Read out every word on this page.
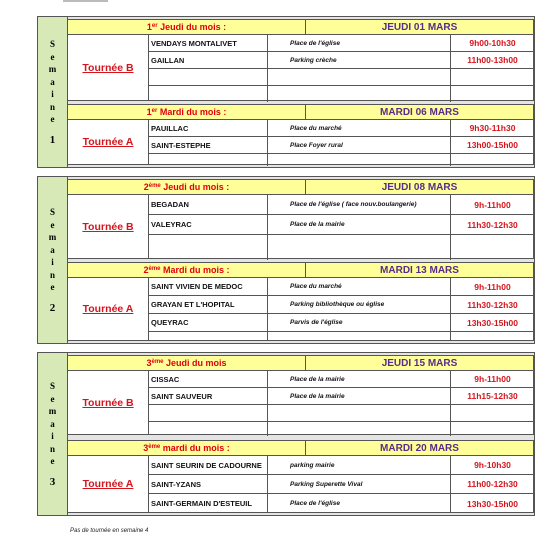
S
e
m
a
i
n
e
1
1er Jeudi du mois :	JEUDI 01 MARS
Tournée B
VENDAYS MONTALIVET	Place de l'église	9h00-10h30
GAILLAN	Parking crèche	11h00-13h00
1er Mardi du mois :	MARDI 06 MARS
Tournée A
PAUILLAC	Place du marché	9h30-11h30
SAINT-ESTEPHE	Place Foyer rural	13h00-15h00
S
e
m
a
i
n
e
2
2ème Jeudi du mois :	JEUDI 08 MARS
Tournée B
BEGADAN	Place de l'église ( face nouv.boulangerie)	9h-11h00
VALEYRAC	Place de la mairie	11h30-12h30
2ème Mardi du mois :	MARDI 13 MARS
Tournée A
SAINT VIVIEN DE MEDOC	Place du marché	9h-11h00
GRAYAN ET L'HOPITAL	Parking bibliothèque ou église	11h30-12h30
QUEYRAC	Parvis de l'église	13h30-15h00
S
e
m
a
i
n
e
3
3ème Jeudi du mois	JEUDI 15 MARS
Tournée B
CISSAC	Place de la mairie	9h-11h00
SAINT SAUVEUR	Place de la mairie	11h15-12h30
3ème mardi du mois :	MARDI 20 MARS
Tournée A
SAINT SEURIN DE CADOURNE	parking mairie	9h-10h30
SAINT-YZANS	Parking Superette Vival	11h00-12h30
SAINT-GERMAIN D'ESTEUIL	Place de l'église	13h30-15h00
Pas de tournée en semaine 4
